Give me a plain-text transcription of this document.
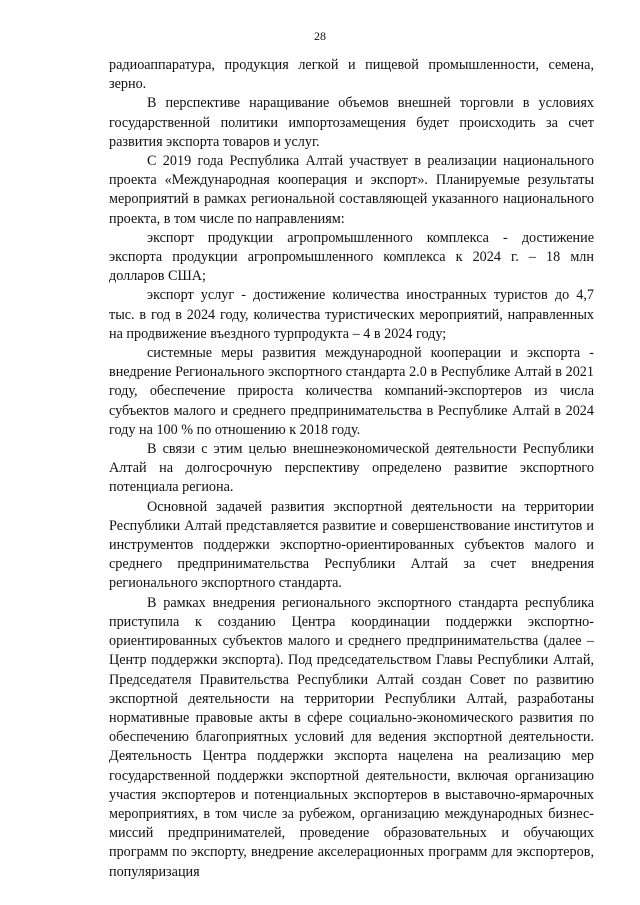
28

радиоаппаратура, продукция легкой и пищевой промышленности, семена, зерно.

В перспективе наращивание объемов внешней торговли в условиях государственной политики импортозамещения будет происходить за счет развития экспорта товаров и услуг.

С 2019 года Республика Алтай участвует в реализации национального проекта «Международная кооперация и экспорт». Планируемые результаты мероприятий в рамках региональной составляющей указанного национального проекта, в том числе по направлениям:

экспорт продукции агропромышленного комплекса - достижение экспорта продукции агропромышленного комплекса к 2024 г. – 18 млн долларов США;

экспорт услуг - достижение количества иностранных туристов до 4,7 тыс. в год в 2024 году, количества туристических мероприятий, направленных на продвижение въездного турпродукта – 4 в 2024 году;

системные меры развития международной кооперации и экспорта - внедрение Регионального экспортного стандарта 2.0 в Республике Алтай в 2021 году, обеспечение прироста количества компаний-экспортеров из числа субъектов малого и среднего предпринимательства в Республике Алтай в 2024 году на 100 % по отношению к 2018 году.

В связи с этим целью внешнеэкономической деятельности Республики Алтай на долгосрочную перспективу определено развитие экспортного потенциала региона.

Основной задачей развития экспортной деятельности на территории Республики Алтай представляется развитие и совершенствование институтов и инструментов поддержки экспортно-ориентированных субъектов малого и среднего предпринимательства Республики Алтай за счет внедрения регионального экспортного стандарта.

В рамках внедрения регионального экспортного стандарта республика приступила к созданию Центра координации поддержки экспортно-ориентированных субъектов малого и среднего предпринимательства (далее – Центр поддержки экспорта). Под председательством Главы Республики Алтай, Председателя Правительства Республики Алтай создан Совет по развитию экспортной деятельности на территории Республики Алтай, разработаны нормативные правовые акты в сфере социально-экономического развития по обеспечению благоприятных условий для ведения экспортной деятельности. Деятельность Центра поддержки экспорта нацелена на реализацию мер государственной поддержки экспортной деятельности, включая организацию участия экспортеров и потенциальных экспортеров в выставочно-ярмарочных мероприятиях, в том числе за рубежом, организацию международных бизнес-миссий предпринимателей, проведение образовательных и обучающих программ по экспорту, внедрение акселерационных программ для экспортеров, популяризация
